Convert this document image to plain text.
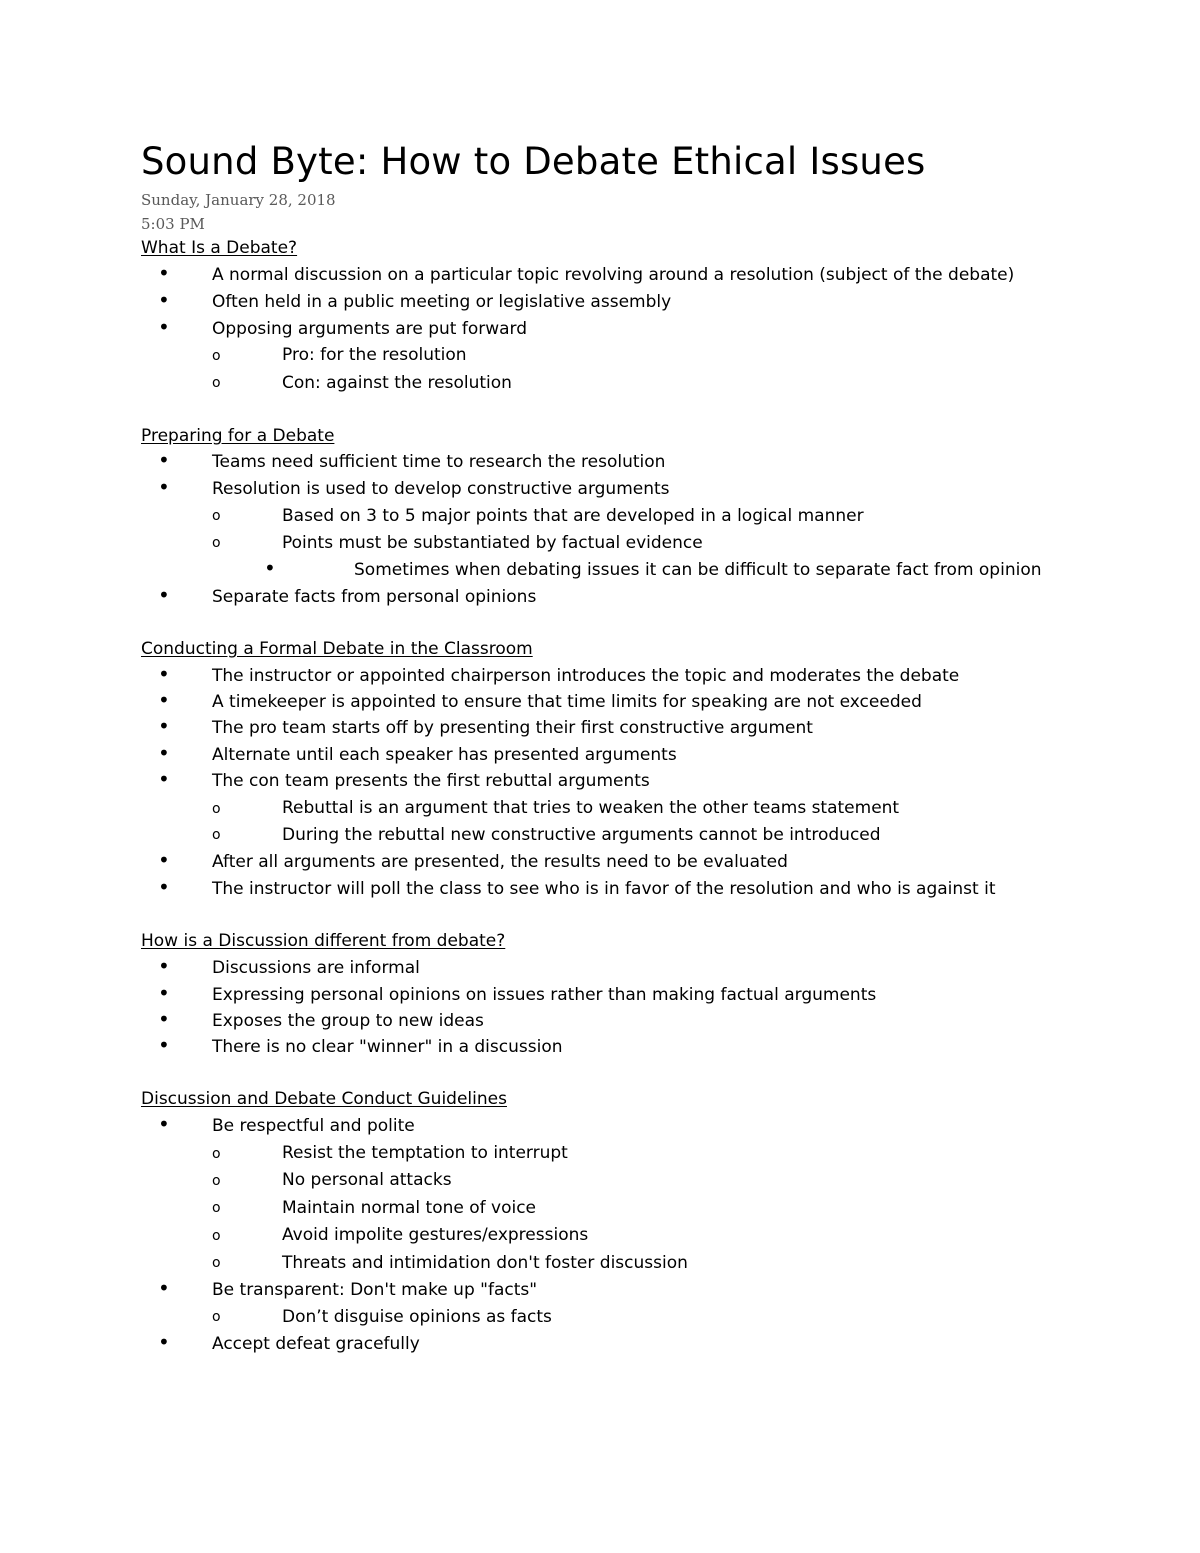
Sound Byte: How to Debate Ethical Issues
Sunday, January 28, 2018
5:03 PM
What Is a Debate?
• A normal discussion on a particular topic revolving around a resolution (subject of the debate)
• Often held in a public meeting or legislative assembly
• Opposing arguments are put forward
o	Pro: for the resolution
o	Con: against the resolution
Preparing for a Debate
• Teams need sufficient time to research the resolution
• Resolution is used to develop constructive arguments
o	Based on 3 to 5 major points that are developed in a logical manner
o	Points must be substantiated by factual evidence
•	Sometimes when debating issues it can be difficult to separate fact from opinion
• Separate facts from personal opinions
Conducting a Formal Debate in the Classroom
• The instructor or appointed chairperson introduces the topic and moderates the debate
• A timekeeper is appointed to ensure that time limits for speaking are not exceeded
• The pro team starts off by presenting their first constructive argument
• Alternate until each speaker has presented arguments
• The con team presents the first rebuttal arguments
o	Rebuttal is an argument that tries to weaken the other teams statement
o	During the rebuttal new constructive arguments cannot be introduced
• After all arguments are presented, the results need to be evaluated
• The instructor will poll the class to see who is in favor of the resolution and who is against it
How is a Discussion different from debate?
• Discussions are informal
• Expressing personal opinions on issues rather than making factual arguments
• Exposes the group to new ideas
• There is no clear "winner" in a discussion
Discussion and Debate Conduct Guidelines
• Be respectful and polite
o	Resist the temptation to interrupt
o	No personal attacks
o	Maintain normal tone of voice
o	Avoid impolite gestures/expressions
o	Threats and intimidation don't foster discussion
• Be transparent: Don't make up "facts"
o	Don’t disguise opinions as facts
• Accept defeat gracefully
